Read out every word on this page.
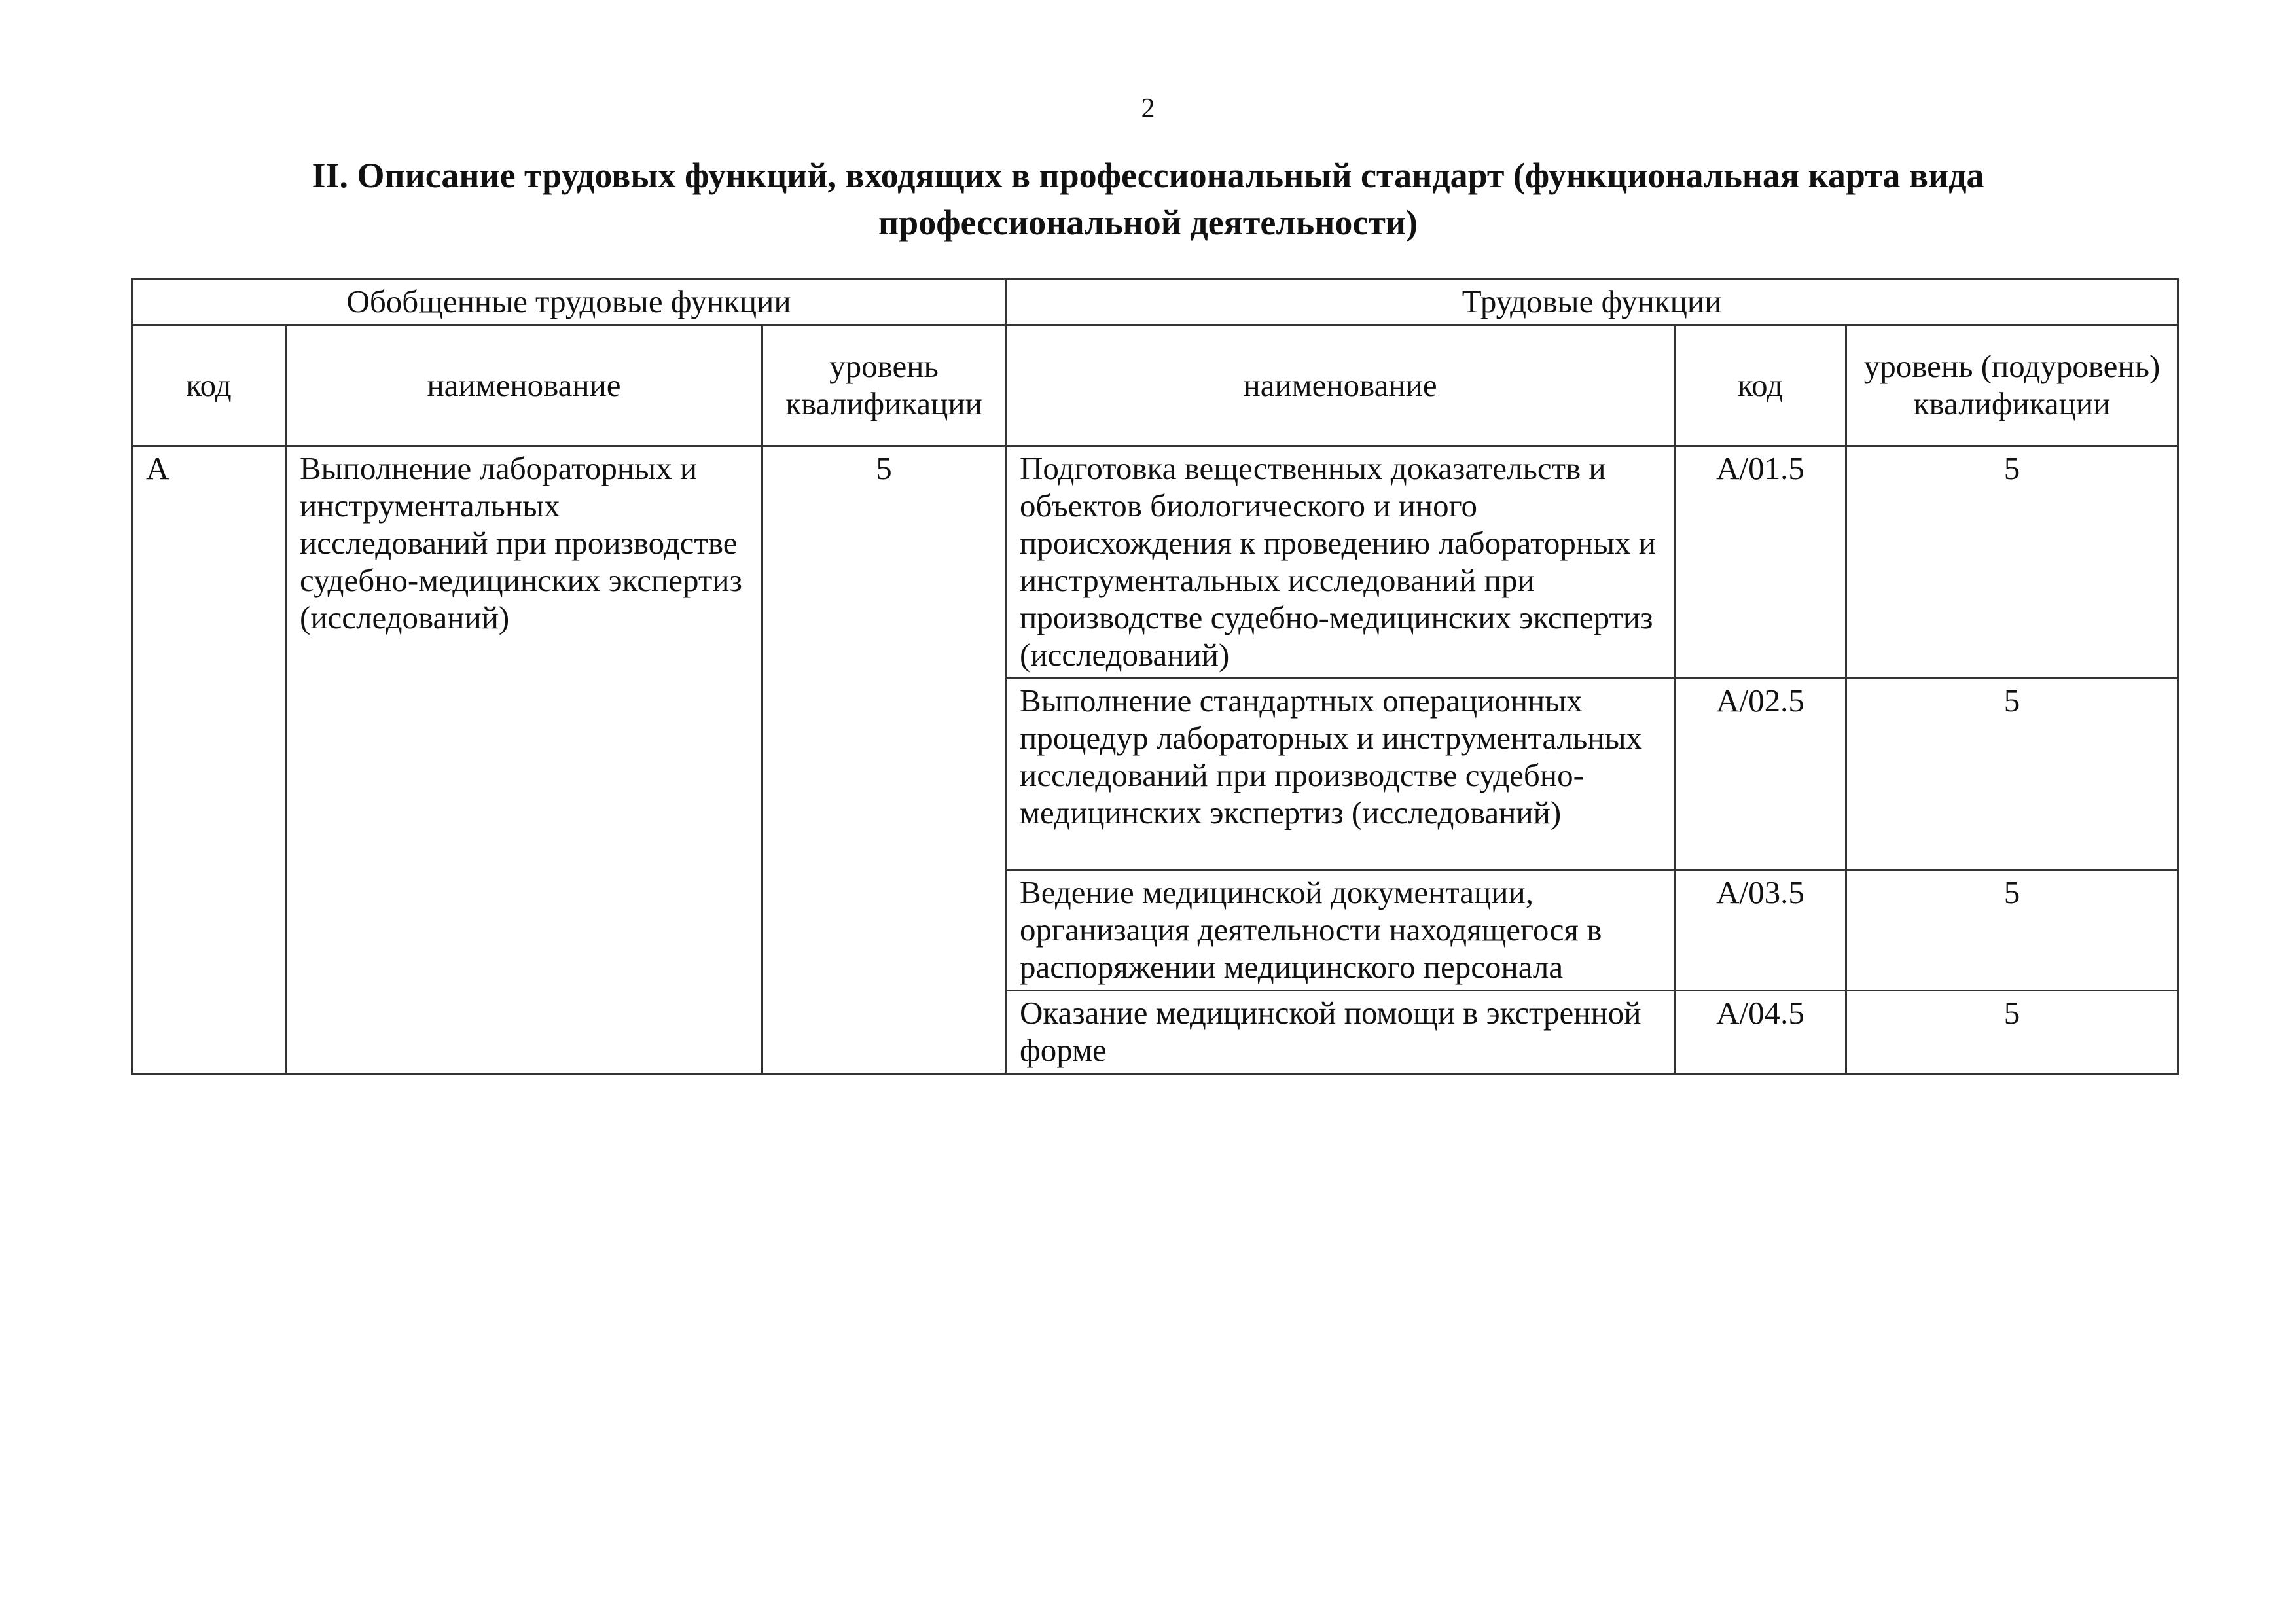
2
II. Описание трудовых функций, входящих в профессиональный стандарт (функциональная карта вида профессиональной деятельности)
Обобщенные трудовые функции			Трудовые функции		
код	наименование	уровень квалификации	наименование	код	уровень (подуровень) квалификации
А	Выполнение лабораторных и инструментальных исследований при производстве судебно-медицинских экспертиз (исследований)	5	Подготовка вещественных доказательств и объектов биологического и иного происхождения к проведению лабораторных и инструментальных исследований при производстве судебно-медицинских экспертиз (исследований)	A/01.5	5
			Выполнение стандартных операционных процедур лабораторных и инструментальных исследований при производстве судебно-медицинских экспертиз (исследований)	A/02.5	5
			Ведение медицинской документации, организация деятельности находящегося в распоряжении медицинского персонала	A/03.5	5
			Оказание медицинской помощи в экстренной форме	A/04.5	5
